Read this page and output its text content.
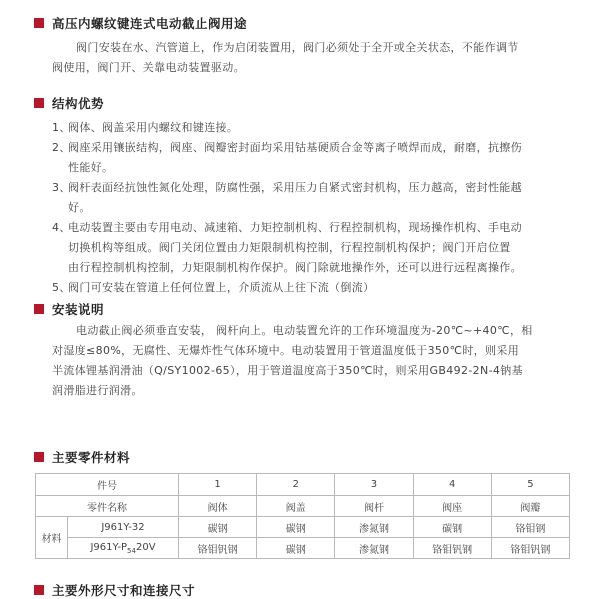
高压内螺纹键连式电动截止阀用途
阀门安装在水、汽管道上，作为启闭装置用，阀门必须处于全开或全关状态，不能作调节
阀使用，阀门开、关靠电动装置驱动。
结构优势
1、
阀体、阀盖采用内螺纹和键连接。
2、
阀座采用镶嵌结构，阀座、阀瓣密封面均采用钴基硬质合金等离子喷焊而成，耐磨，抗擦伤
性能好。
3、
阀杆表面经抗蚀性氮化处理，防腐性强，采用压力自紧式密封机构，压力越高，密封性能越
好。
4、
电动装置主要由专用电动、减速箱、力矩控制机构、行程控制机构，现场操作机构、手电动
切换机构等组成。阀门关闭位置由力矩限制机构控制，行程控制机构保护；阀门开启位置
由行程控制机构控制，力矩限制机构作保护。阀门除就地操作外，还可以进行远程离操作。
5、
阀门可安装在管道上任何位置上，介质流从上往下流（倒流）
安装说明
电动截止阀必须垂直安装， 阀杆向上。电动装置允许的工作环境温度为-20℃~+40℃，相
对湿度≤80%，无腐性、无爆炸性气体环境中。电动装置用于管道温度低于350℃时，则采用
半流体锂基润滑油（Q/SY1002-65），用于管道温度高于350℃时，则采用GB492-2N-4钠基
润滑脂进行润滑。
主要零件材料
件号		1	2	3	4	5
零件名称		阀体	阀盖	阀杆	阀座	阀瓣
材料	J961Y-32	碳钢	碳钢	渗氮钢	碳钢	铬钼钢
	$J961Y-P_{54}20V$	铬钼钒钢	碳钢	渗氮钢	铬钼钒钢	铬钼钒钢
主要外形尺寸和连接尺寸
